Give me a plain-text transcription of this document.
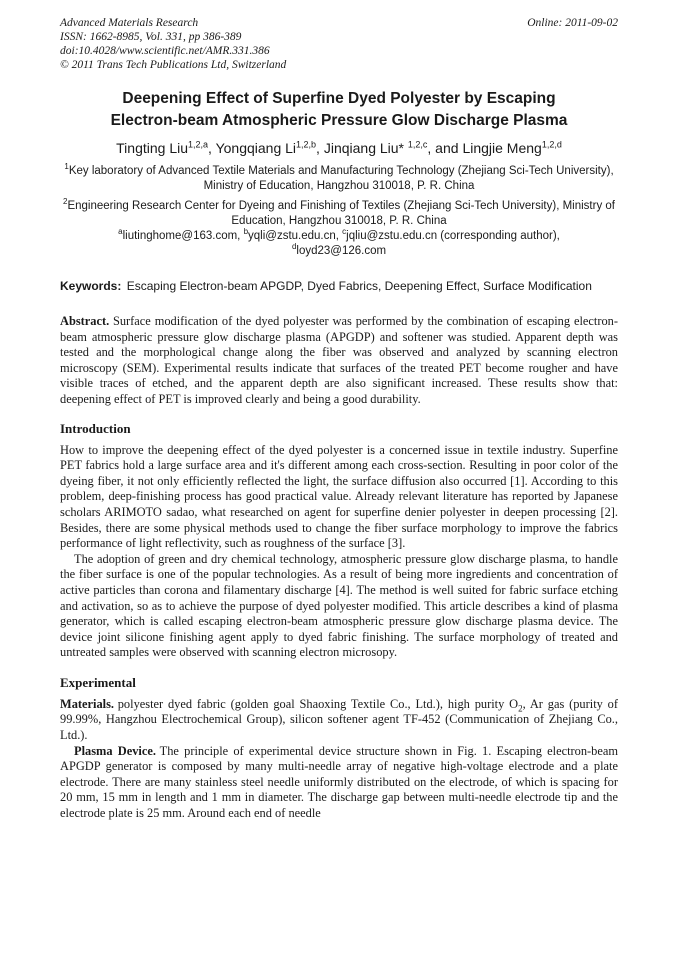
Advanced Materials Research
ISSN: 1662-8985, Vol. 331, pp 386-389
doi:10.4028/www.scientific.net/AMR.331.386
© 2011 Trans Tech Publications Ltd, Switzerland
Online: 2011-09-02
Deepening Effect of Superfine Dyed Polyester by Escaping
Electron-beam Atmospheric Pressure Glow Discharge Plasma
Tingting Liu$^{1,2,a}$, Yongqiang Li$^{1,2,b}$, Jinqiang Liu* $^{1,2,c}$, and Lingjie Meng$^{1,2,d}$
$^1$Key laboratory of Advanced Textile Materials and Manufacturing Technology (Zhejiang Sci-Tech University), Ministry of Education, Hangzhou 310018, P. R. China
$^2$Engineering Research Center for Dyeing and Finishing of Textiles (Zhejiang Sci-Tech University), Ministry of Education, Hangzhou 310018, P. R. China
$^a$liutinghome@163.com, $^b$yqli@zstu.edu.cn, $^c$jqliu@zstu.edu.cn (corresponding author),
$^d$loyd23@126.com
Keywords: Escaping Electron-beam APGDP, Dyed Fabrics, Deepening Effect, Surface Modification

Abstract. Surface modification of the dyed polyester was performed by the combination of escaping electron-beam atmospheric pressure glow discharge plasma (APGDP) and softener was studied. Apparent depth was tested and the morphological change along the fiber was observed and analyzed by scanning electron microscopy (SEM). Experimental results indicate that surfaces of the treated PET become rougher and have visible traces of etched, and the apparent depth are also significant increased. These results show that: deepening effect of PET is improved clearly and being a good durability.

Introduction

How to improve the deepening effect of the dyed polyester is a concerned issue in textile industry. Superfine PET fabrics hold a large surface area and it's different among each cross-section. Resulting in poor color of the dyeing fiber, it not only efficiently reflected the light, the surface diffusion also occurred [1]. According to this problem, deep-finishing process has good practical value. Already relevant literature has reported by Japanese scholars ARIMOTO sadao, what researched on agent for superfine denier polyester in deepen processing [2]. Besides, there are some physical methods used to change the fiber surface morphology to improve the fabrics performance of light reflectivity, such as roughness of the surface [3].

The adoption of green and dry chemical technology, atmospheric pressure glow discharge plasma, to handle the fiber surface is one of the popular technologies. As a result of being more ingredients and concentration of active particles than corona and filamentary discharge [4]. The method is well suited for fabric surface etching and activation, so as to achieve the purpose of dyed polyester modified. This article describes a kind of plasma generator, which is called escaping electron-beam atmospheric pressure glow discharge plasma device. The device joint silicone finishing agent apply to dyed fabric finishing. The surface morphology of treated and untreated samples were observed with scanning electron microsopy.

Experimental

Materials. polyester dyed fabric (golden goal Shaoxing Textile Co., Ltd.), high purity $O_2$, Ar gas (purity of 99.99%, Hangzhou Electrochemical Group), silicon softener agent TF-452 (Communication of Zhejiang Co., Ltd.).

Plasma Device. The principle of experimental device structure shown in Fig. 1. Escaping electron-beam APGDP generator is composed by many multi-needle array of negative high-voltage electrode and a plate electrode. There are many stainless steel needle uniformly distributed on the electrode, of which is spacing for 20 mm, 15 mm in length and 1 mm in diameter. The discharge gap between multi-needle electrode tip and the electrode plate is 25 mm. Around each end of needle
